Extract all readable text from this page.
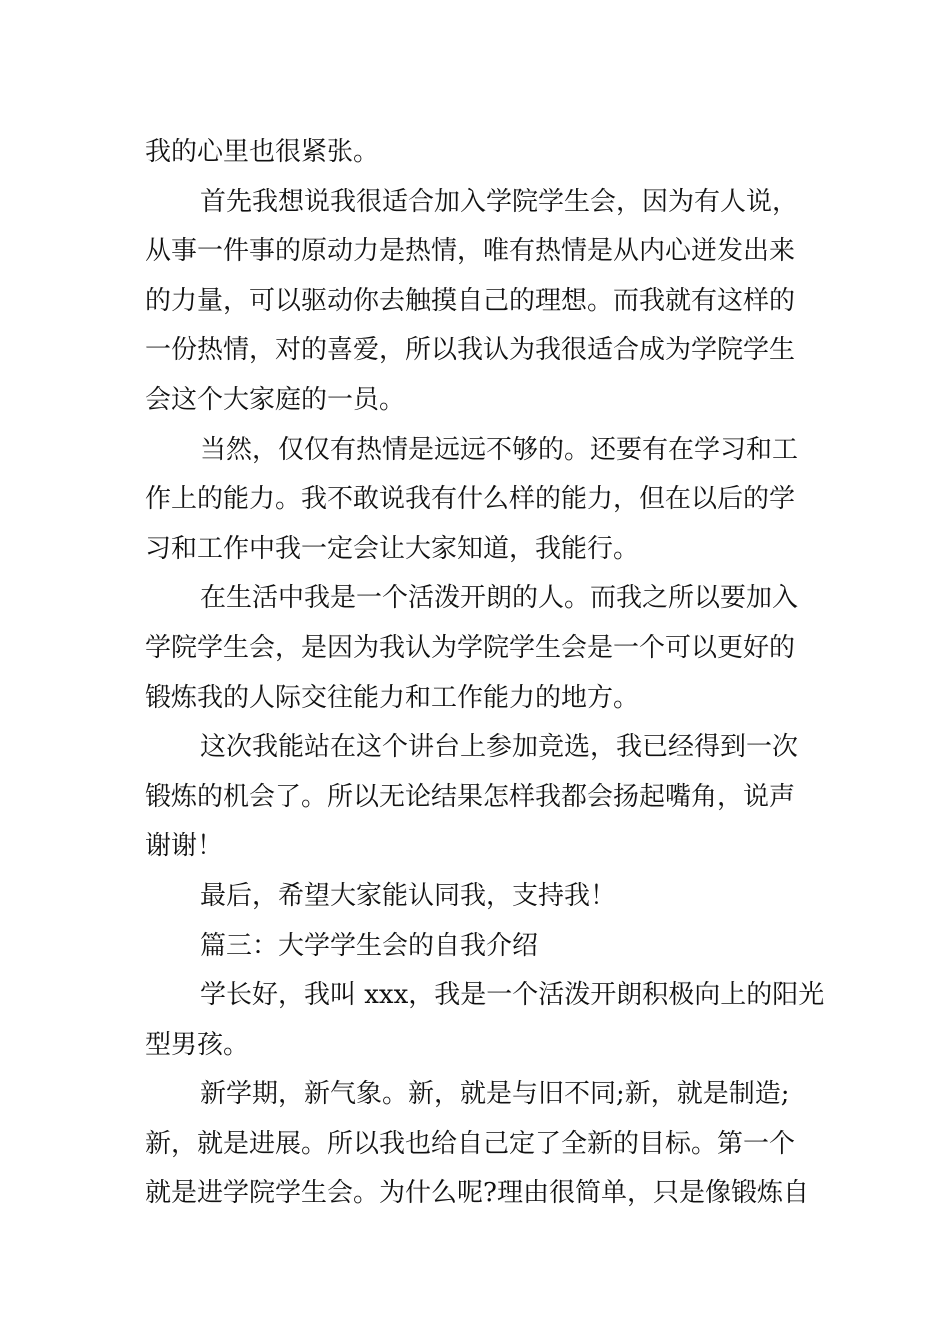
我的心里也很紧张。
首先我想说我很适合加入学院学生会，因为有人说，
从事一件事的原动力是热情，唯有热情是从内心迸发出来
的力量，可以驱动你去触摸自己的理想。而我就有这样的
一份热情，对的喜爱，所以我认为我很适合成为学院学生
会这个大家庭的一员。
当然，仅仅有热情是远远不够的。还要有在学习和工
作上的能力。我不敢说我有什么样的能力，但在以后的学
习和工作中我一定会让大家知道，我能行。
在生活中我是一个活泼开朗的人。而我之所以要加入
学院学生会，是因为我认为学院学生会是一个可以更好的
锻炼我的人际交往能力和工作能力的地方。
这次我能站在这个讲台上参加竞选，我已经得到一次
锻炼的机会了。所以无论结果怎样我都会扬起嘴角，说声
谢谢！
最后，希望大家能认同我，支持我！
篇三：大学学生会的自我介绍
学长好，我叫 xxx，我是一个活泼开朗积极向上的阳光
型男孩。
新学期，新气象。新，就是与旧不同;新，就是制造;
新，就是进展。所以我也给自己定了全新的目标。第一个
就是进学院学生会。为什么呢?理由很简单，只是像锻炼自
